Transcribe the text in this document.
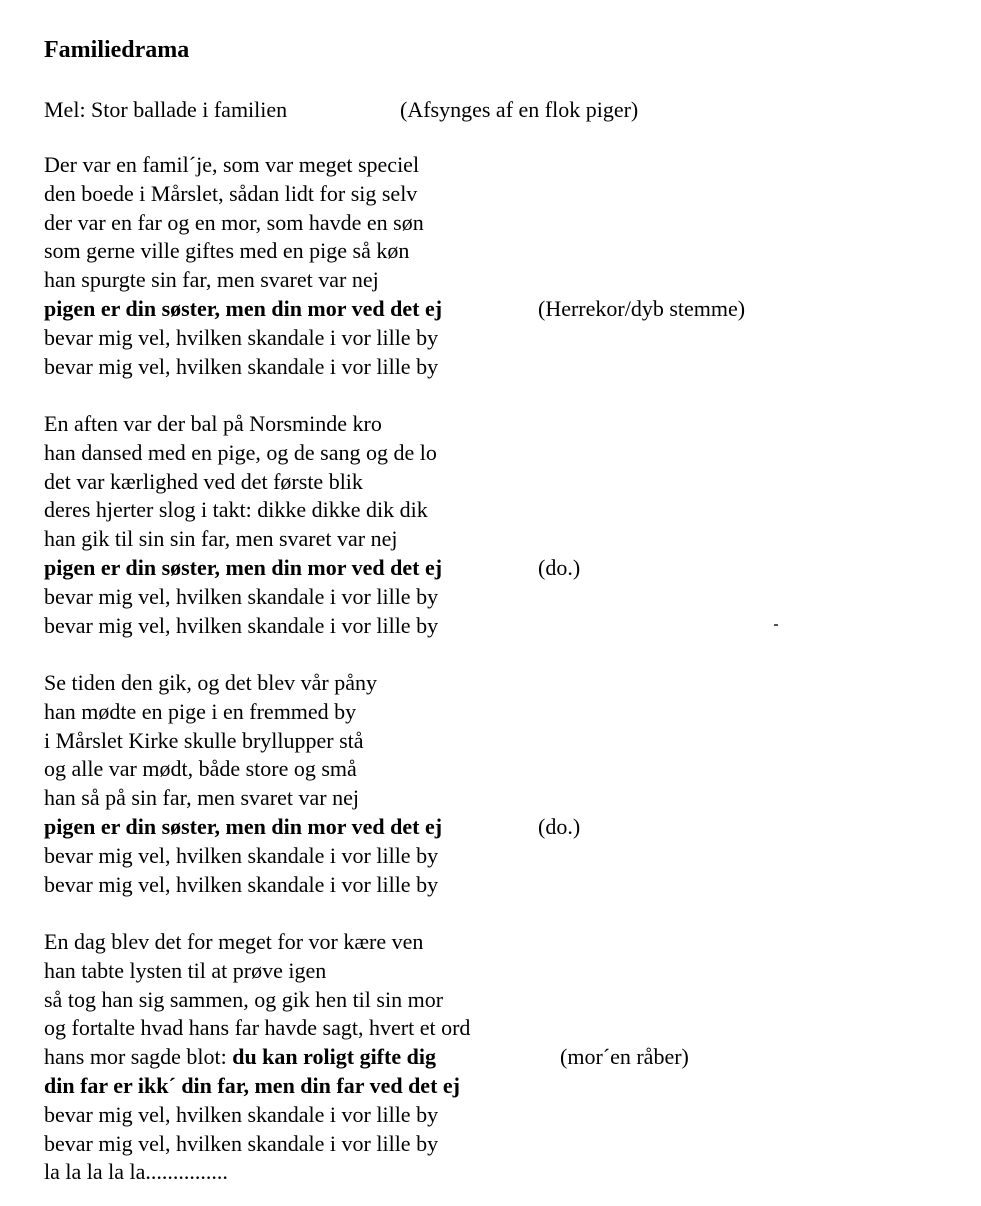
Familiedrama
Mel: Stor ballade i familien	(Afsynges af en flok piger)
Der var en famil´je, som var meget speciel
den boede i Mårslet, sådan lidt for sig selv
der var en far og en mor, som havde en søn
som gerne ville giftes med en pige så køn
han spurgte sin far, men svaret var nej
pigen er din søster, men din mor ved det ej	(Herrekor/dyb stemme)
bevar mig vel, hvilken skandale i vor lille by
bevar mig vel, hvilken skandale i vor lille by
En aften var der bal på Norsminde kro
han dansed med en pige, og de sang og de lo
det var kærlighed ved det første blik
deres hjerter slog i takt: dikke dikke dik dik
han gik til sin sin far, men svaret var nej
pigen er din søster, men din mor ved det ej	(do.)
bevar mig vel, hvilken skandale i vor lille by
bevar mig vel, hvilken skandale i vor lille by
Se tiden den gik, og det blev vår påny
han mødte en pige i en fremmed by
i Mårslet Kirke skulle bryllupper stå
og alle var mødt, både store og små
han så på sin far, men svaret var nej
pigen er din søster, men din mor ved det ej	(do.)
bevar mig vel, hvilken skandale i vor lille by
bevar mig vel, hvilken skandale i vor lille by
En dag blev det for meget for vor kære ven
han tabte lysten til at prøve igen
så tog han sig sammen, og gik hen til sin mor
og fortalte hvad hans far havde sagt, hvert et ord
hans mor sagde blot: du kan roligt gifte dig	(mor´en råber)
din far er ikk´ din far, men din far ved det ej
bevar mig vel, hvilken skandale i vor lille by
bevar mig vel, hvilken skandale i vor lille by
la la la la la...............
